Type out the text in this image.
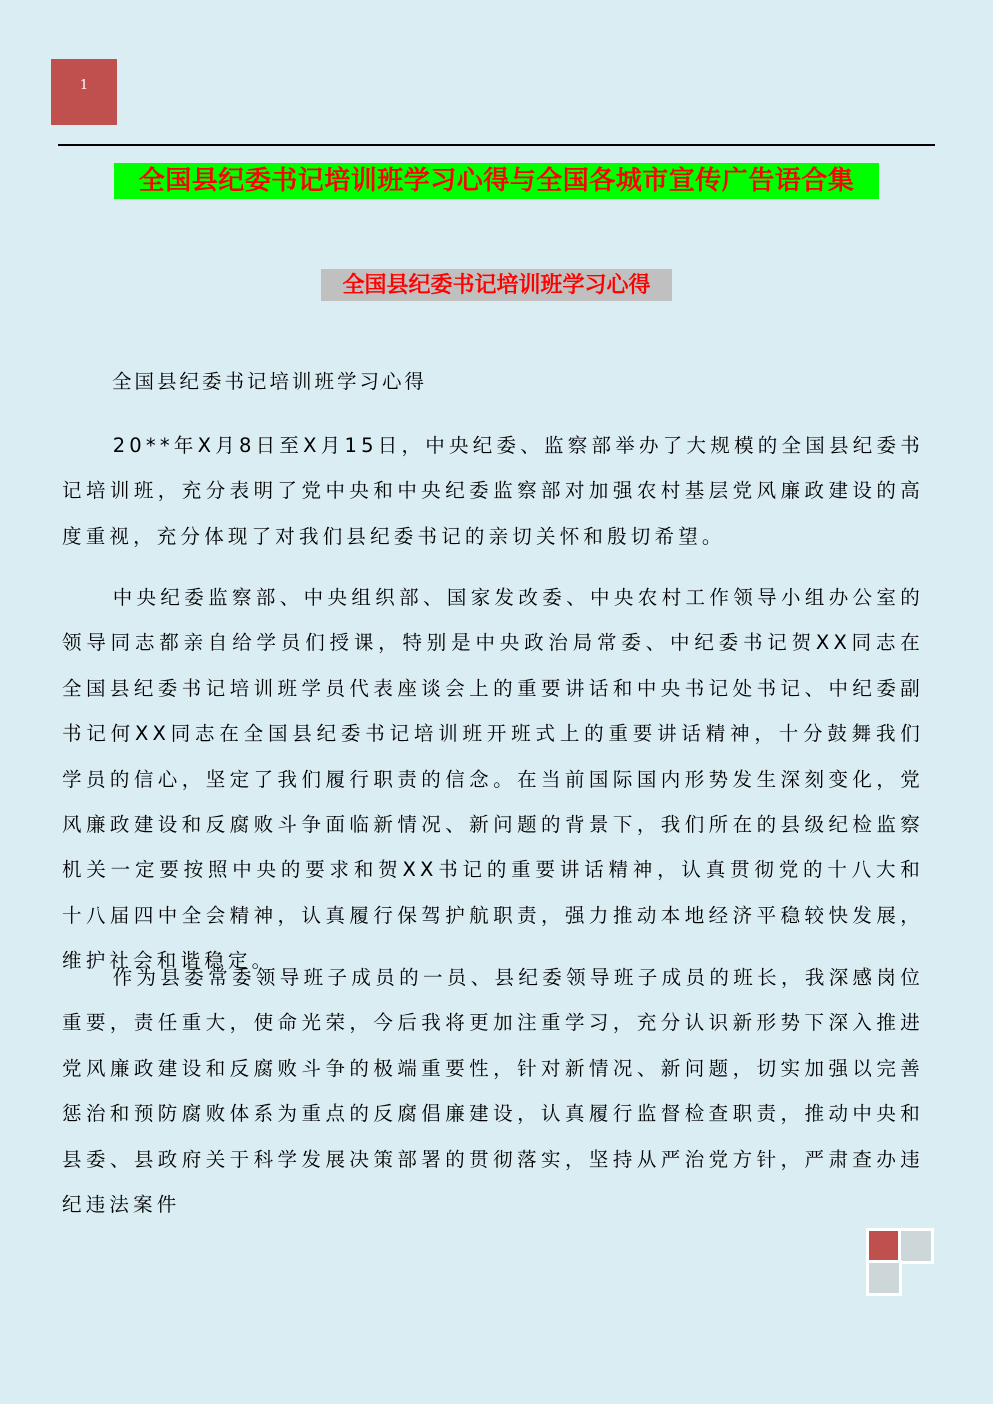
1
全国县纪委书记培训班学习心得与全国各城市宣传广告语合集
全国县纪委书记培训班学习心得
全国县纪委书记培训班学习心得

20**年X月8日至X月15日，中央纪委、监察部举办了大规模的全国县纪委书记培训班，充分表明了党中央和中央纪委监察部对加强农村基层党风廉政建设的高度重视，充分体现了对我们县纪委书记的亲切关怀和殷切希望。

中央纪委监察部、中央组织部、国家发改委、中央农村工作领导小组办公室的领导同志都亲自给学员们授课，特别是中央政治局常委、中纪委书记贺XX同志在全国县纪委书记培训班学员代表座谈会上的重要讲话和中央书记处书记、中纪委副书记何XX同志在全国县纪委书记培训班开班式上的重要讲话精神，十分鼓舞我们学员的信心，坚定了我们履行职责的信念。在当前国际国内形势发生深刻变化，党风廉政建设和反腐败斗争面临新情况、新问题的背景下，我们所在的县级纪检监察机关一定要按照中央的要求和贺XX书记的重要讲话精神，认真贯彻党的十八大和十八届四中全会精神，认真履行保驾护航职责，强力推动本地经济平稳较快发展，维护社会和谐稳定。

作为县委常委领导班子成员的一员、县纪委领导班子成员的班长，我深感岗位重要，责任重大，使命光荣，今后我将更加注重学习，充分认识新形势下深入推进党风廉政建设和反腐败斗争的极端重要性，针对新情况、新问题，切实加强以完善惩治和预防腐败体系为重点的反腐倡廉建设，认真履行监督检查职责，推动中央和县委、县政府关于科学发展决策部署的贯彻落实，坚持从严治党方针，严肃查办违纪违法案件
